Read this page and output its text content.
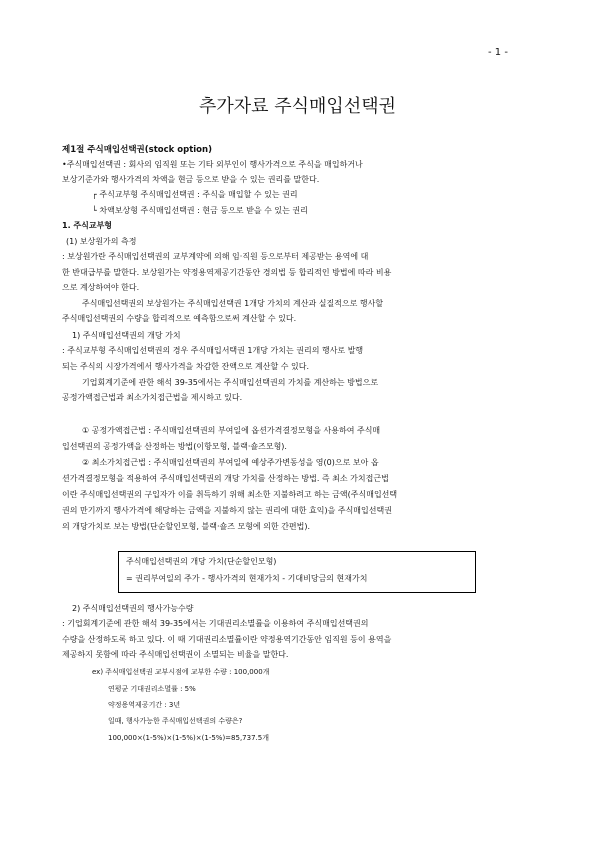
- 1 -
추가자료 주식매입선택권
제1절 주식매입선택권(stock option)
•주식매입선택권 : 회사의 임직원 또는 기타 외부인이 행사가격으로 주식을 매입하거나
보상기준가와 행사가격의 차액을 현금 등으로 받을 수 있는 권리를 말한다.
┌ 주식교부형 주식매입선택권 : 주식을 매입할 수 있는 권리
└ 차액보상형 주식매입선택권 : 현금 등으로 받을 수 있는 권리
1. 주식교부형
(1) 보상원가의 측정
: 보상원가란 주식매입선택권의 교부계약에 의해 임·직원 등으로부터 제공받는 용역에 대
한 반대급부를 말한다. 보상원가는 약정용역제공기간동안 경의법 등 합리적인 방법에 따라 비용
으로 계상하여야 한다.
주식매입선택권의 보상원가는 주식매입선택권 1개당 가치의 계산과 실질적으로 행사할
주식매입선택권의 수량을 합리적으로 예측함으로써 계산할 수 있다.
1) 주식매입선택권의 개당 가치
: 주식교부형 주식매입선택권의 경우 주식매입서택권 1개당 가치는 권리의 행사로 발행
되는 주식의 시장가격에서 행사가격을 차감한 잔액으로 계산할 수 있다.
기업회계기준에 관한 해석 39-35에서는 주식매입선택권의 가치를 계산하는 방법으로
공정가액접근법과 최소가치접근법을 제시하고 있다.
① 공정가액접근법 : 주식매입선택권의 부여일에 옵션가격결정모형을 사용하여 주식매
입선택권의 공정가액을 산정하는 방법(이항모형, 블랙·숄즈모형).
② 최소가치접근법 : 주식매입선택권의 부여일에 예상주가변동성을 영(0)으로 보아 옵
션가격결정모형을 적용하여 주식매입선택권의 개당 가치를 산정하는 방법. 즉 최소 가치접근법
이란 주식매입선택권의 구입자가 이를 취득하기 위해 최소한 지불하려고 하는 금액(주식매입선택
권의 만기까지 행사가격에 해당하는 금액을 지불하지 않는 권리에 대한 효익)을 주식매입선택권
의 개당가치로 보는 방법(단순할인모형, 블랙·숄즈 모형에 의한 간편법).
주식매입선택권의 개당 가치(단순할인모형)
= 권리부여일의 주가 - 행사가격의 현재가치 - 기대비당금의 현재가치
2) 주식매입선택권의 행사가능수량
: 기업회계기준에 관한 해석 39-35에서는 기대권리소멸률을 이용하여 주식매입선택권의
수량을 산정하도록 하고 있다. 이 때 기대권리소멸률이란 약정용역기간동안 임직원 등이 용역을
제공하지 못함에 따라 주식매입선택권이 소멸되는 비율을 말한다.
ex) 주식매입선택권 교부시점에 교부한 수량 : 100,000개
연평균 기대권리소멸률 : 5%
약정용역제공기간 : 3년
일때, 행사가능한 주식매입선택권의 수량은?
100,000×(1-5%)×(1-5%)×(1-5%)=85,737.5개
